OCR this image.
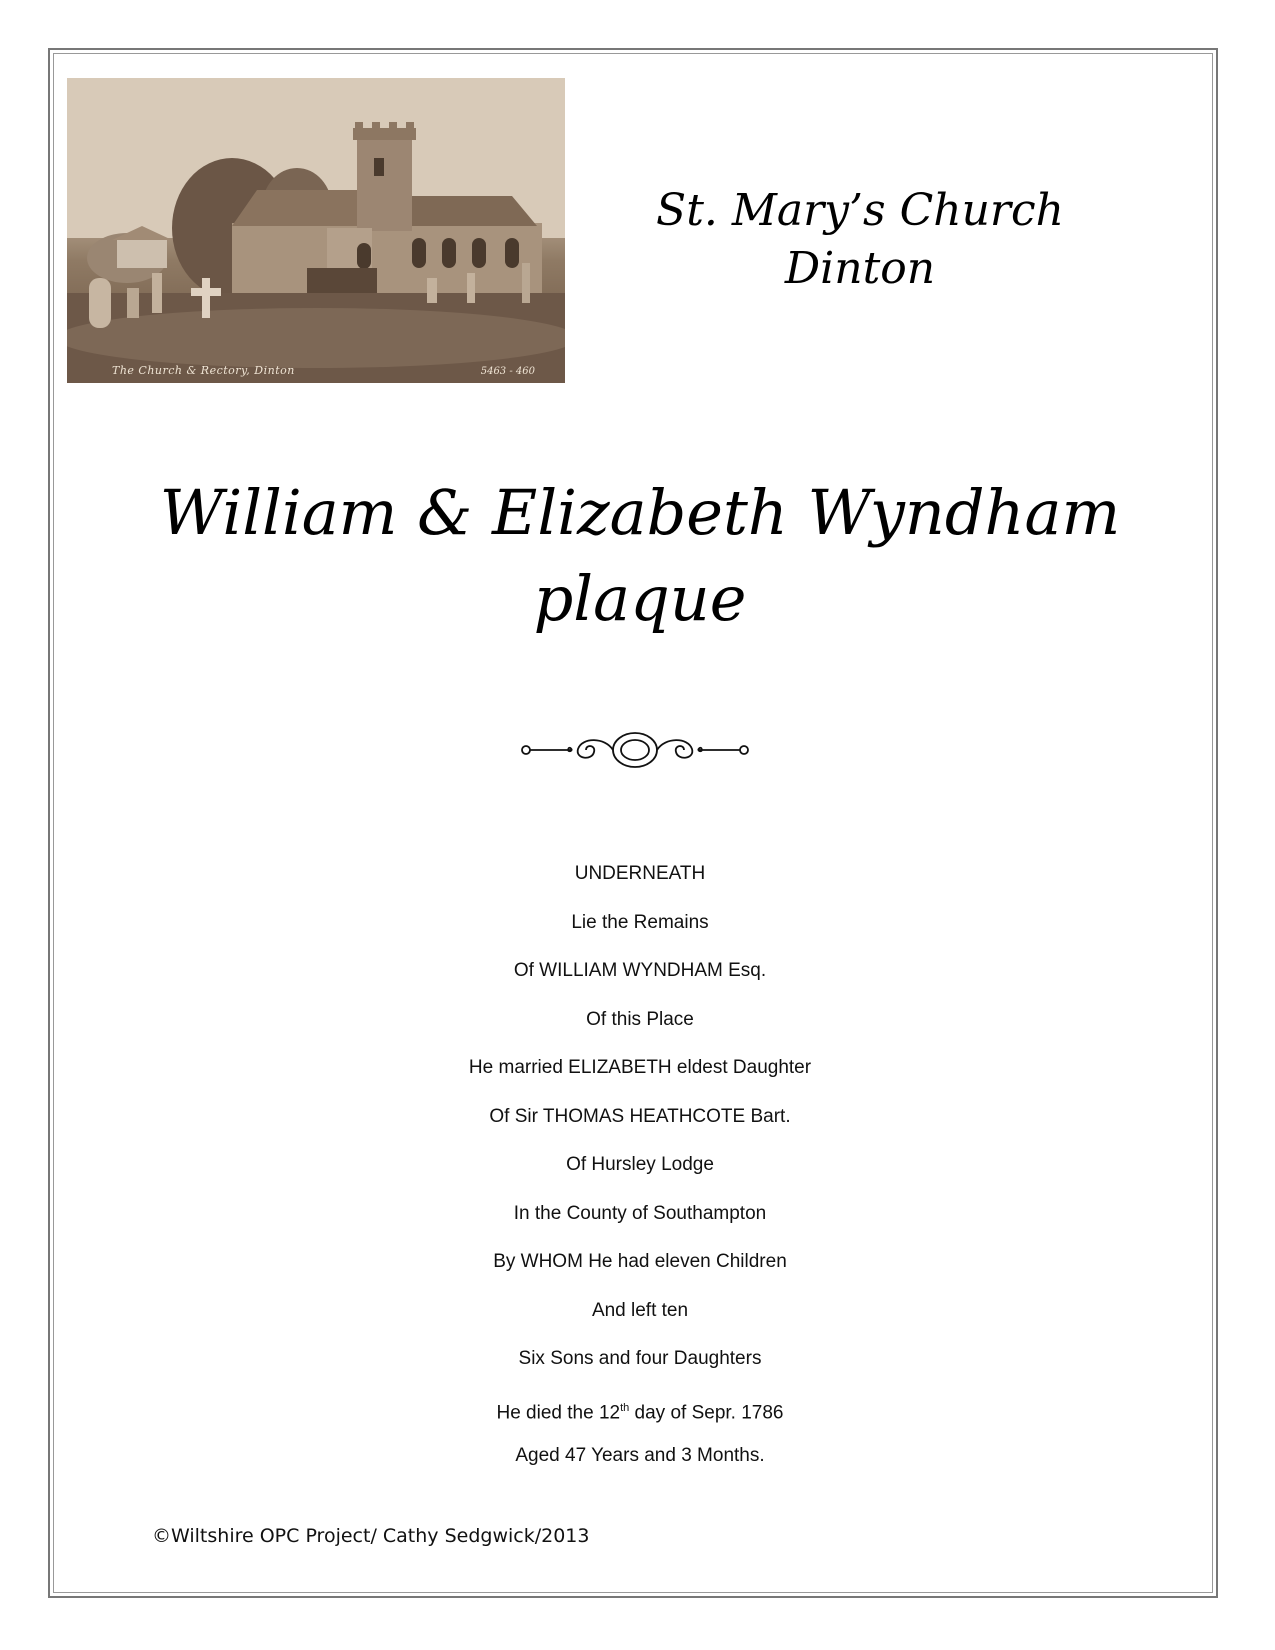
The Church & Rectory, Dinton	5463 - 460
St. Mary’s Church
Dinton
William & Elizabeth Wyndham
plaque
UNDERNEATH
Lie the Remains
Of WILLIAM WYNDHAM Esq.
Of this Place
He married ELIZABETH eldest Daughter
Of Sir THOMAS HEATHCOTE Bart.
Of Hursley Lodge
In the County of Southampton
By WHOM He had eleven Children
And left ten
Six Sons and four Daughters
He died the 12th day of Sepr. 1786
Aged 47 Years and 3 Months.
©Wiltshire OPC Project/ Cathy Sedgwick/2013
